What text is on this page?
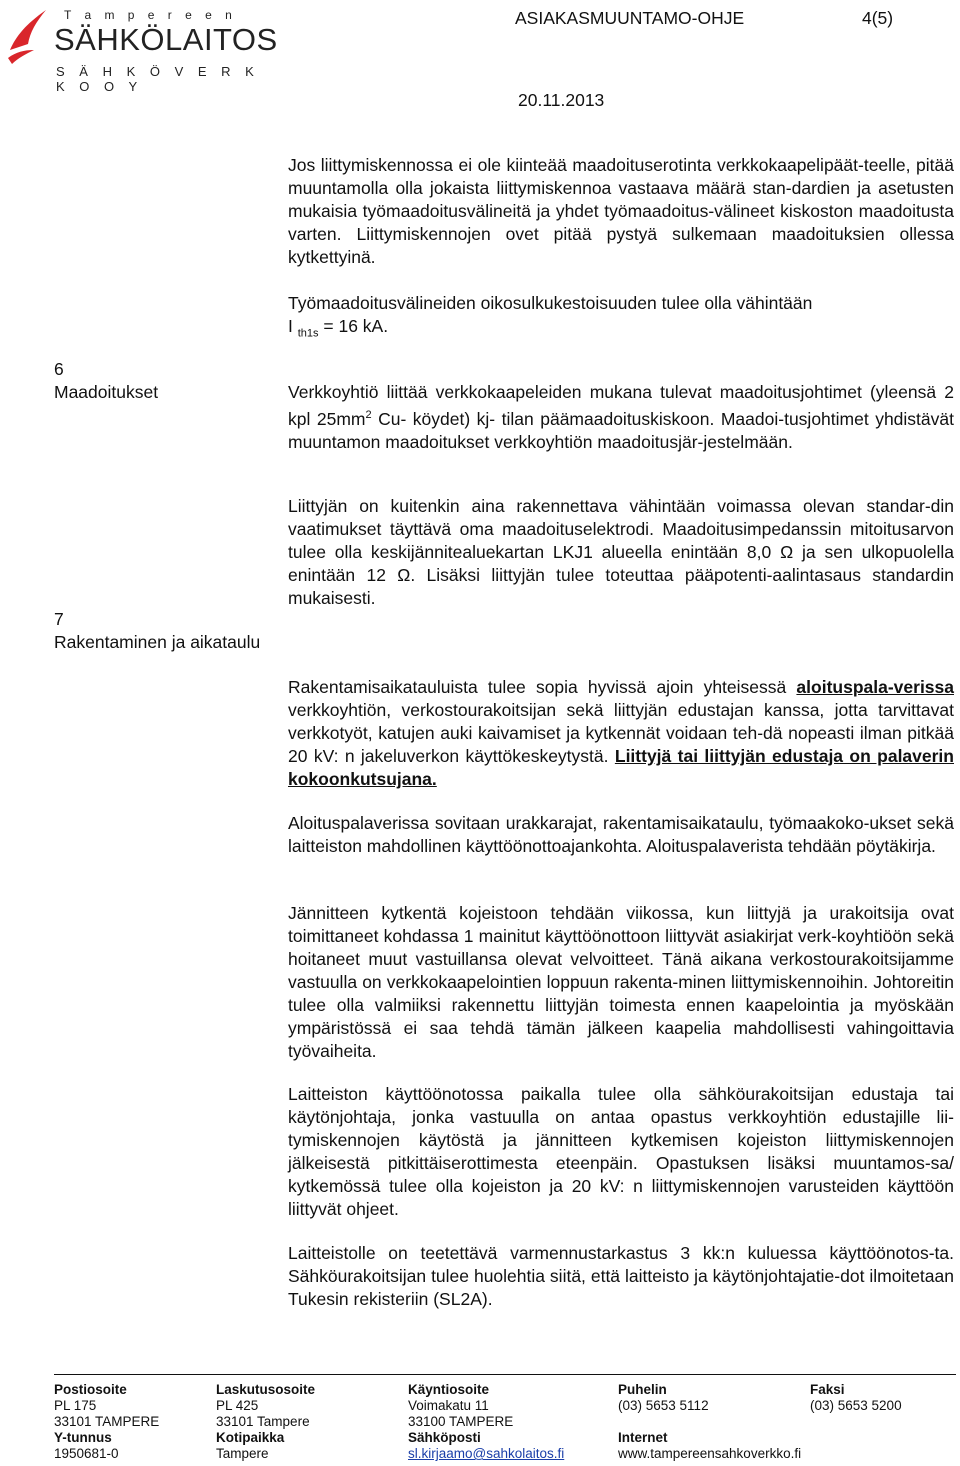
T a m p e r e e n
SÄHKÖLAITOS
S Ä H K Ö V E R K K O O Y
ASIAKASMUUNTAMO-OHJE	4(5)
20.11.2013

Jos liittymiskennossa ei ole kiinteää maadoituserotinta verkkokaapelipäät-teelle, pitää muuntamolla olla jokaista liittymiskennoa vastaava määrä stan-dardien ja asetusten mukaisia työmaadoitusvälineitä ja yhdet työmaadoitus-välineet kiskoston maadoitusta varten. Liittymiskennojen ovet pitää pystyä sulkemaan maadoituksien ollessa kytkettyinä.

Työmaadoitusvälineiden oikosulkukestoisuuden tulee olla vähintään
I $_{th1s}$ = 16 kA.

6
Maadoitukset
7
Rakentaminen ja aikataulu

Verkkoyhtiö liittää verkkokaapeleiden mukana tulevat maadoitusjohtimet (yleensä 2 kpl $25mm^2$ Cu- köydet) kj- tilan päämaadoituskiskoon. Maadoi-tusjohtimet yhdistävät muuntamon maadoitukset verkkoyhtiön maadoitusjär-jestelmään.

Liittyjän on kuitenkin aina rakennettava vähintään voimassa olevan standar-din vaatimukset täyttävä oma maadoituselektrodi. Maadoitusimpedanssin mitoitusarvon tulee olla keskijännitealuekartan LKJ1 alueella enintään 8,0 Ω ja sen ulkopuolella enintään 12 Ω. Lisäksi liittyjän tulee toteuttaa pääpotenti-aalintasaus standardin mukaisesti.

Rakentamisaikatauluista tulee sopia hyvissä ajoin yhteisessä aloituspala-verissa verkkoyhtiön, verkostourakoitsijan sekä liittyjän edustajan kanssa, jotta tarvittavat verkkotyöt, katujen auki kaivamiset ja kytkennät voidaan teh-dä nopeasti ilman pitkää 20 kV: n jakeluverkon käyttökeskeytystä. Liittyjä tai liittyjän edustaja on palaverin kokoonkutsujana.

Aloituspalaverissa sovitaan urakkarajat, rakentamisaikataulu, työmaakoko-ukset sekä laitteiston mahdollinen käyttöönottoajankohta. Aloituspalaverista tehdään pöytäkirja.

Jännitteen kytkentä kojeistoon tehdään viikossa, kun liittyjä ja urakoitsija ovat toimittaneet kohdassa 1 mainitut käyttöönottoon liittyvät asiakirjat verk-koyhtiöön sekä hoitaneet muut vastuillansa olevat velvoitteet. Tänä aikana verkostourakoitsijamme vastuulla on verkkokaapelointien loppuun rakenta-minen liittymiskennoihin. Johtoreitin tulee olla valmiiksi rakennettu liittyjän toimesta ennen kaapelointia ja myöskään ympäristössä ei saa tehdä tämän jälkeen kaapelia mahdollisesti vahingoittavia työvaiheita.

Laitteiston käyttöönotossa paikalla tulee olla sähköurakoitsijan edustaja tai käytönjohtaja, jonka vastuulla on antaa opastus verkkoyhtiön edustajille lii-tymiskennojen käytöstä ja jännitteen kytkemisen kojeiston liittymiskennojen jälkeisestä pitkittäiserottimesta eteenpäin. Opastuksen lisäksi muuntamos-sa/ kytkemössä tulee olla kojeiston ja 20 kV: n liittymiskennojen varusteiden käyttöön liittyvät ohjeet.

Laitteistolle on teetettävä varmennustarkastus 3 kk:n kuluessa käyttöönotos-ta. Sähköurakoitsijan tulee huolehtia siitä, että laitteisto ja käytönjohtajatie-dot ilmoitetaan Tukesin rekisteriin (SL2A).

Postiosoite	Laskutusosoite	Käyntiosoite	Puhelin	Faksi
PL 175	PL 425	Voimakatu 11	(03) 5653 5112	(03) 5653 5200
33101 TAMPERE	33101 Tampere	33100 TAMPERE
Y-tunnus	Kotipaikka	Sähköposti	Internet
1950681-0	Tampere	sl.kirjaamo@sahkolaitos.fi	www.tampereensahkoverkko.fi
